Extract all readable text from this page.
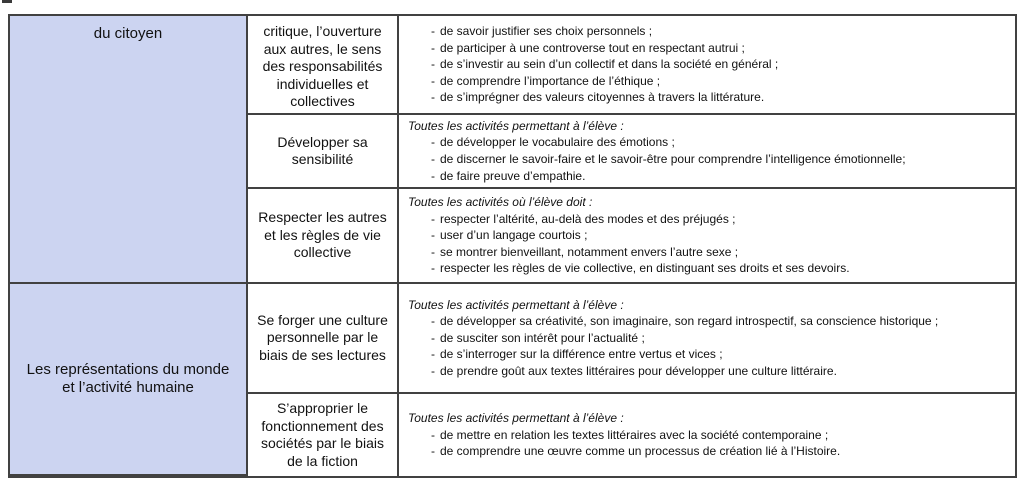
du citoyen
Les représentations du monde et l’activité humaine
critique, l’ouverture aux autres, le sens des responsabilités individuelles et collectives
-
de savoir justifier ses choix personnels ;
-
de participer à une controverse tout en respectant autrui ;
-
de s’investir au sein d’un collectif et dans la société en général ;
-
de comprendre l’importance de l’éthique ;
-
de s’imprégner des valeurs citoyennes à travers la littérature.
Développer sa sensibilité
Toutes les activités permettant à l’élève :
-
de développer le vocabulaire des émotions ;
-
de discerner le savoir-faire et le savoir-être pour comprendre l’intelligence émotionnelle;
-
de faire preuve d’empathie.
Respecter les autres et les règles de vie collective
Toutes les activités où l’élève doit :
-
respecter l’altérité, au-delà des modes et des préjugés ;
-
user d’un langage courtois ;
-
se montrer bienveillant, notamment envers l’autre sexe ;
-
respecter les règles de vie collective, en distinguant ses droits et ses devoirs.
Se forger une culture personnelle par le biais de ses lectures
Toutes les activités permettant à l’élève :
-
de développer sa créativité, son imaginaire, son regard introspectif, sa conscience historique ;
-
de susciter son intérêt pour l’actualité ;
-
de s’interroger sur la différence entre vertus et vices ;
-
de prendre goût aux textes littéraires pour développer une culture littéraire.
S’approprier le fonctionnement des sociétés par le biais de la fiction
Toutes les activités permettant à l’élève :
-
de mettre en relation les textes littéraires avec la société contemporaine ;
-
de comprendre une œuvre comme un processus de création lié à l’Histoire.
